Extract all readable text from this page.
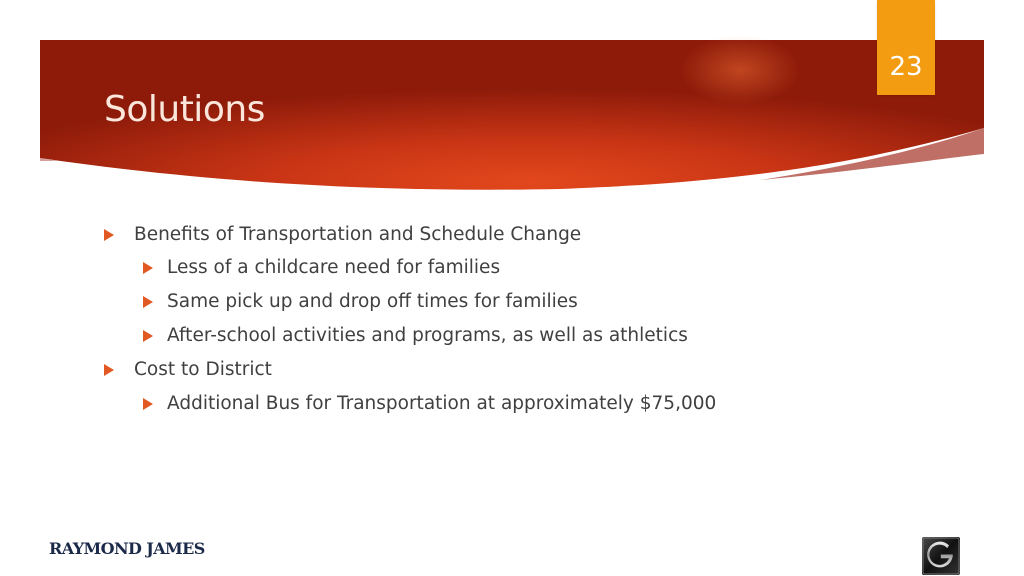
Solutions
23
Benefits of Transportation and Schedule Change
Less of a childcare need for families
Same pick up and drop off times for families
After-school activities and programs, as well as athletics
Cost to District
Additional Bus for Transportation at approximately $75,000
RAYMOND JAMES
